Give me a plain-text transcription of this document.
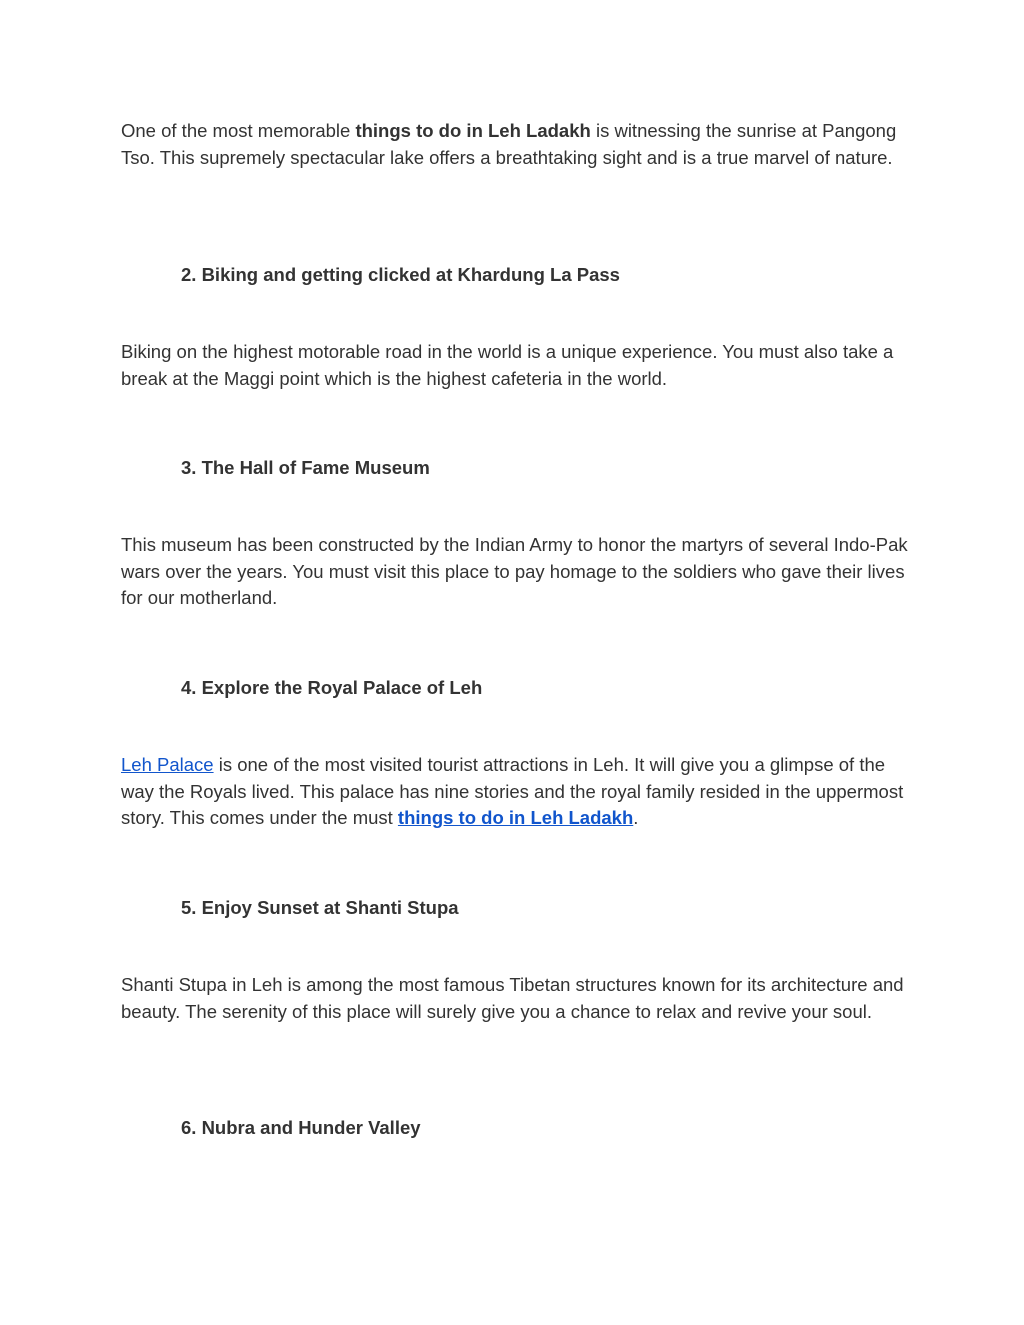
One of the most memorable things to do in Leh Ladakh is witnessing the sunrise at Pangong Tso. This supremely spectacular lake offers a breathtaking sight and is a true marvel of nature.

2. Biking and getting clicked at Khardung La Pass

Biking on the highest motorable road in the world is a unique experience. You must also take a break at the Maggi point which is the highest cafeteria in the world.

3. The Hall of Fame Museum

This museum has been constructed by the Indian Army to honor the martyrs of several Indo-Pak wars over the years. You must visit this place to pay homage to the soldiers who gave their lives for our motherland.

4. Explore the Royal Palace of Leh

Leh Palace is one of the most visited tourist attractions in Leh. It will give you a glimpse of the way the Royals lived. This palace has nine stories and the royal family resided in the uppermost story. This comes under the must things to do in Leh Ladakh.

5. Enjoy Sunset at Shanti Stupa

Shanti Stupa in Leh is among the most famous Tibetan structures known for its architecture and beauty. The serenity of this place will surely give you a chance to relax and revive your soul.

6. Nubra and Hunder Valley
